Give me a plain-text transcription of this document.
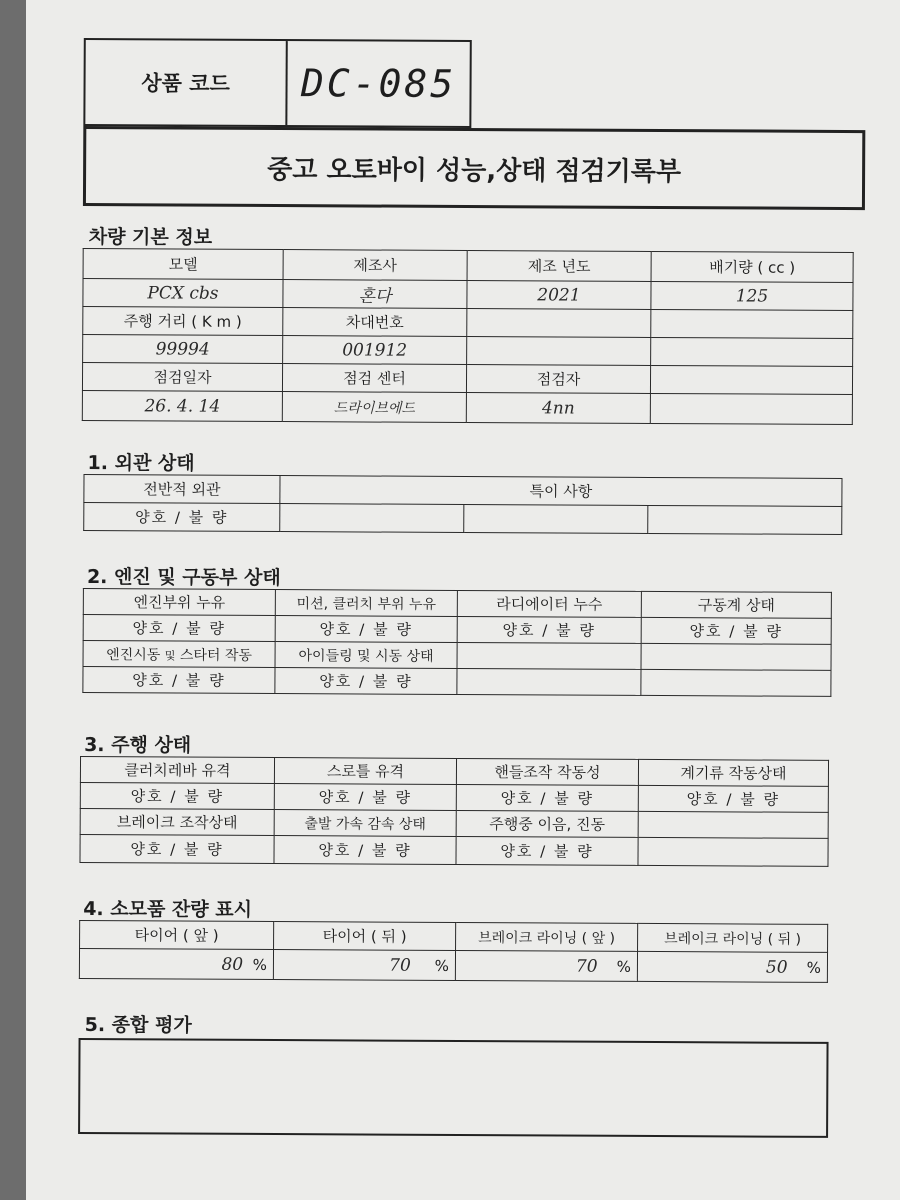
상품 코드	DC-085
중고 오토바이 성능,상태 점검기록부
차량 기본 정보
모델	제조사	제조 년도	배기량 ( cc )
PCX cbs	혼다	2021	125
주행 거리 ( K m )	차대번호		
99994	001912		
점검일자	점검 센터	점검자	
26. 4. 14	드라이브에드	4nn	
1. 외관 상태
전반적 외관	특이 사항		
양호 / 불 량			
2. 엔진 및 구동부 상태
엔진부위 누유	미션, 클러치 부위 누유	라디에이터 누수	구동계 상태
양호 / 불 량	양호 / 불 량	양호 / 불 량	양호 / 불 량
엔진시동 및 스타터 작동	아이들링 및 시동 상태		
양호 / 불 량	양호 / 불 량		
3. 주행 상태
클러치레바 유격	스로틀 유격	핸들조작 작동성	계기류 작동상태
양호 / 불 량	양호 / 불 량	양호 / 불 량	양호 / 불 량
브레이크 조작상태	출발 가속 감속 상태	주행중 이음, 진동	
양호 / 불 량	양호 / 불 량	양호 / 불 량	
4. 소모품 잔량 표시
타이어 ( 앞 )	타이어 ( 뒤 )	브레이크 라이닝 ( 앞 )	브레이크 라이닝 ( 뒤 )
80 %	70 %	70 %	50 %
5. 종합 평가
